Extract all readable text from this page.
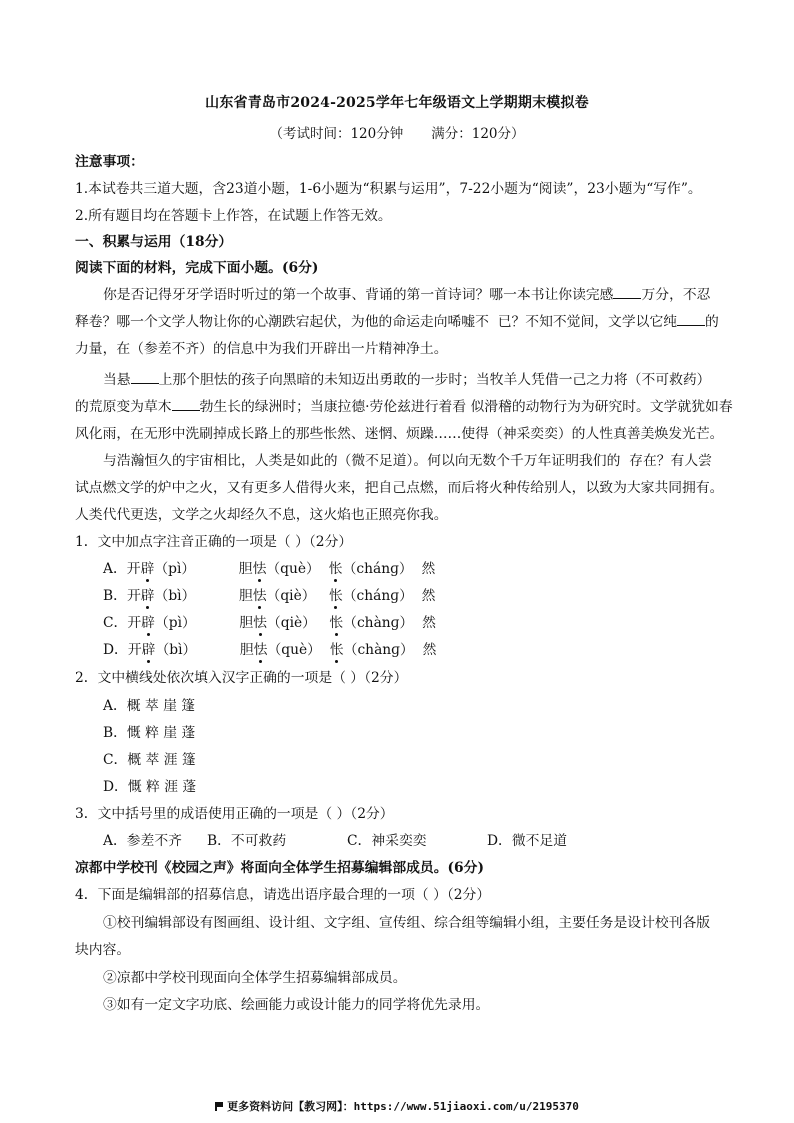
山东省青岛市2024-2025学年七年级语文上学期期末模拟卷
（考试时间：120分钟 满分：120分）
注意事项：
1.本试卷共三道大题，含23道小题，1-6小题为“积累与运用”，7-22小题为“阅读”，23小题为“写作”。
2.所有题目均在答题卡上作答，在试题上作答无效。
一、积累与运用（18分）
阅读下面的材料，完成下面小题。(6分)
你是否记得牙牙学语时听过的第一个故事、背诵的第一首诗词？哪一本书让你读完感 万分，不忍
释卷？哪一个文学人物让你的心潮跌宕起伏，为他的命运走向唏嘘不 已？不知不觉间，文学以它纯 的
力量，在（参差不齐）的信息中为我们开辟出一片精神净土。
当悬 上那个胆怯的孩子向黑暗的未知迈出勇敢的一步时；当牧羊人凭借一己之力将（不可救药）
的荒原变为草木 勃生长的绿洲时；当康拉德·劳伦兹进行着看 似滑稽的动物行为为研究时。文学就犹如春
风化雨，在无形中洗刷掉成长路上的那些怅然、迷惘、烦躁……使得（神采奕奕）的人性真善美焕发光芒。
与浩瀚恒久的宇宙相比，人类是如此的（微不足道）。何以向无数个千万年证明我们的 存在？有人尝
试点燃文学的炉中之火，又有更多人借得火来，把自己点燃，而后将火种传给别人，以致为大家共同拥有。
人类代代更迭，文学之火却经久不息，这火焰也正照亮你我。
1．文中加点字注音正确的一项是（ ）（2分）
A．开辟（pì）	胆怯（què） 怅（chánɡ） 然
B．开辟（bì）	胆怯（qiè） 怅（chánɡ） 然
C．开辟（pì）	胆怯（qiè） 怅（chànɡ） 然
D．开辟（bì）	胆怯（què） 怅（chànɡ） 然
2．文中横线处依次填入汉字正确的一项是（ ）（2分）
A．概 萃 崖 篷
B．慨 粹 崖 蓬
C．概 萃 涯 篷
D．慨 粹 涯 蓬
3．文中括号里的成语使用正确的一项是（ ）（2分）
A．参差不齐 B．不可救药	C．神采奕奕	D．微不足道
凉都中学校刊《校园之声》将面向全体学生招募编辑部成员。(6分)
4．下面是编辑部的招募信息，请选出语序最合理的一项（ ）（2分）
①校刊编辑部设有图画组、设计组、文字组、宣传组、综合组等编辑小组，主要任务是设计校刊各版
块内容。
②凉都中学校刊现面向全体学生招募编辑部成员。
③如有一定文字功底、绘画能力或设计能力的同学将优先录用。
更多资料访问【教习网】：https://www.51jiaoxi.com/u/2195370
